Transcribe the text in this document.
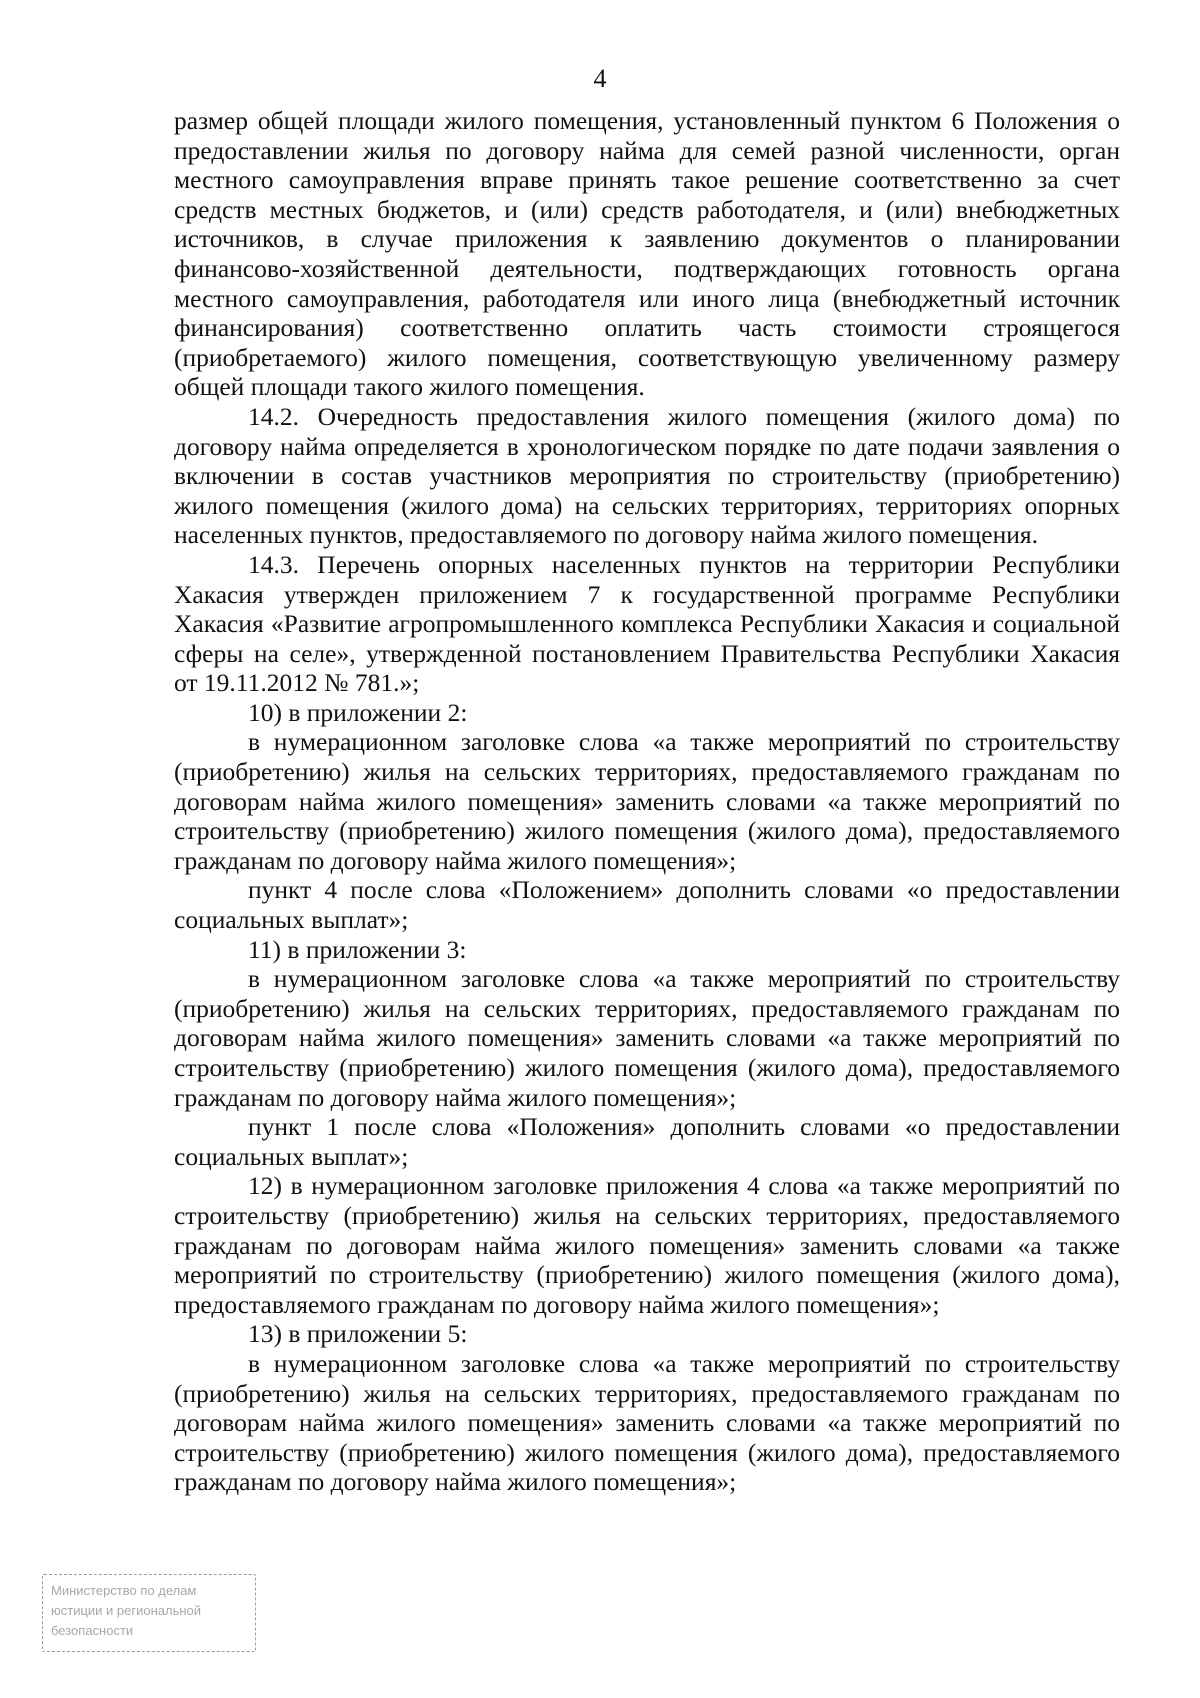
4

размер общей площади жилого помещения, установленный пунктом 6 Положения о предоставлении жилья по договору найма для семей разной численности, орган местного самоуправления вправе принять такое решение соответственно за счет средств местных бюджетов, и (или) средств работодателя, и (или) внебюджетных источников, в случае приложения к заявлению документов о планировании финансово-хозяйственной деятельности, подтверждающих готовность органа местного самоуправления, работодателя или иного лица (внебюджетный источник финансирования) соответственно оплатить часть стоимости строящегося (приобретаемого) жилого помещения, соответствующую увеличенному размеру общей площади такого жилого помещения.

14.2. Очередность предоставления жилого помещения (жилого дома) по договору найма определяется в хронологическом порядке по дате подачи заявления о включении в состав участников мероприятия по строительству (приобретению) жилого помещения (жилого дома) на сельских территориях, территориях опорных населенных пунктов, предоставляемого по договору найма жилого помещения.

14.3. Перечень опорных населенных пунктов на территории Республики Хакасия утвержден приложением 7 к государственной программе Республики Хакасия «Развитие агропромышленного комплекса Республики Хакасия и социальной сферы на селе», утвержденной постановлением Правительства Республики Хакасия от 19.11.2012 № 781.»;

10) в приложении 2:

в нумерационном заголовке слова «а также мероприятий по строительству (приобретению) жилья на сельских территориях, предоставляемого гражданам по договорам найма жилого помещения» заменить словами «а также мероприятий по строительству (приобретению) жилого помещения (жилого дома), предоставляемого гражданам по договору найма жилого помещения»;

пункт 4 после слова «Положением» дополнить словами «о предоставлении социальных выплат»;

11) в приложении 3:

в нумерационном заголовке слова «а также мероприятий по строительству (приобретению) жилья на сельских территориях, предоставляемого гражданам по договорам найма жилого помещения» заменить словами «а также мероприятий по строительству (приобретению) жилого помещения (жилого дома), предоставляемого гражданам по договору найма жилого помещения»;

пункт 1 после слова «Положения» дополнить словами «о предоставлении социальных выплат»;

12) в нумерационном заголовке приложения 4 слова «а также мероприятий по строительству (приобретению) жилья на сельских территориях, предоставляемого гражданам по договорам найма жилого помещения» заменить словами «а также мероприятий по строительству (приобретению) жилого помещения (жилого дома), предоставляемого гражданам по договору найма жилого помещения»;

13) в приложении 5:

в нумерационном заголовке слова «а также мероприятий по строительству (приобретению) жилья на сельских территориях, предоставляемого гражданам по договорам найма жилого помещения» заменить словами «а также мероприятий по строительству (приобретению) жилого помещения (жилого дома), предоставляемого гражданам по договору найма жилого помещения»;

Министерство по делам
юстиции и региональной
безопасности
